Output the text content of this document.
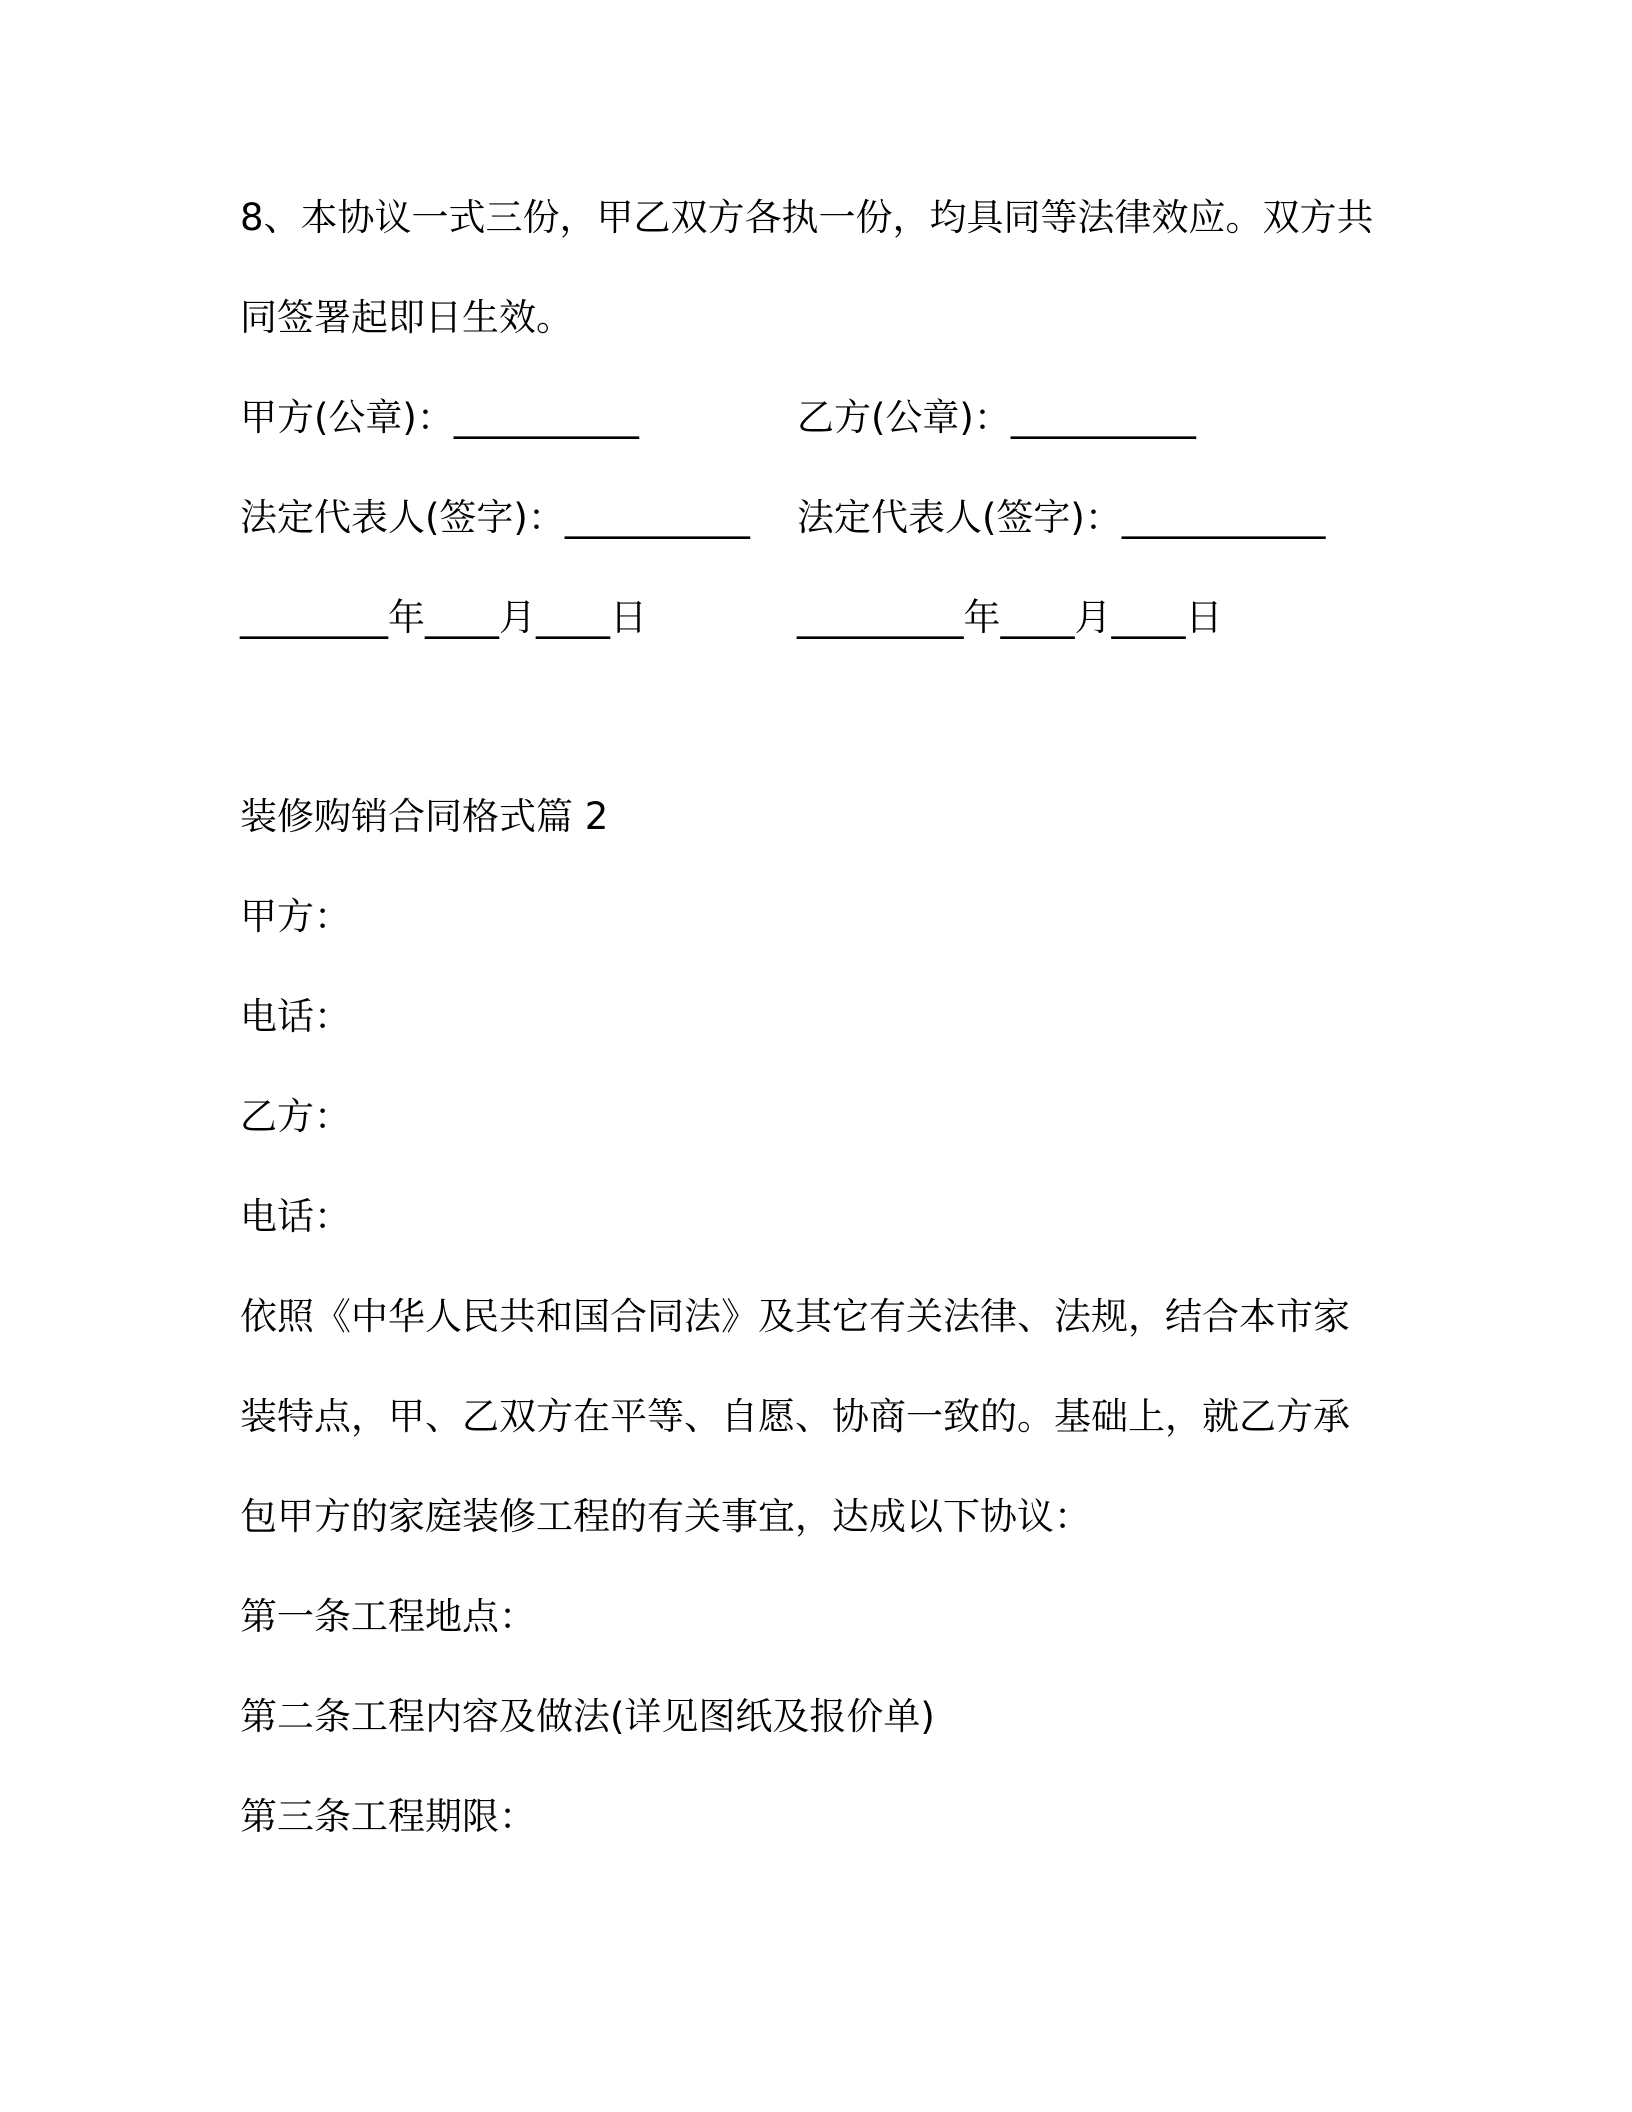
8、本协议一式三份，甲乙双方各执一份，均具同等法律效应。双方共
同签署起即日生效。
甲方(公章)：__________	乙方(公章)：__________
法定代表人(签字)：__________ 法定代表人(签字)：___________
________年____月____日	_________年____月____日
装修购销合同格式篇 2
甲方：
电话：
乙方：
电话：
依照《中华人民共和国合同法》及其它有关法律、法规，结合本市家
装特点，甲、乙双方在平等、自愿、协商一致的。基础上，就乙方承
包甲方的家庭装修工程的有关事宜，达成以下协议：
第一条工程地点：
第二条工程内容及做法(详见图纸及报价单)
第三条工程期限：
